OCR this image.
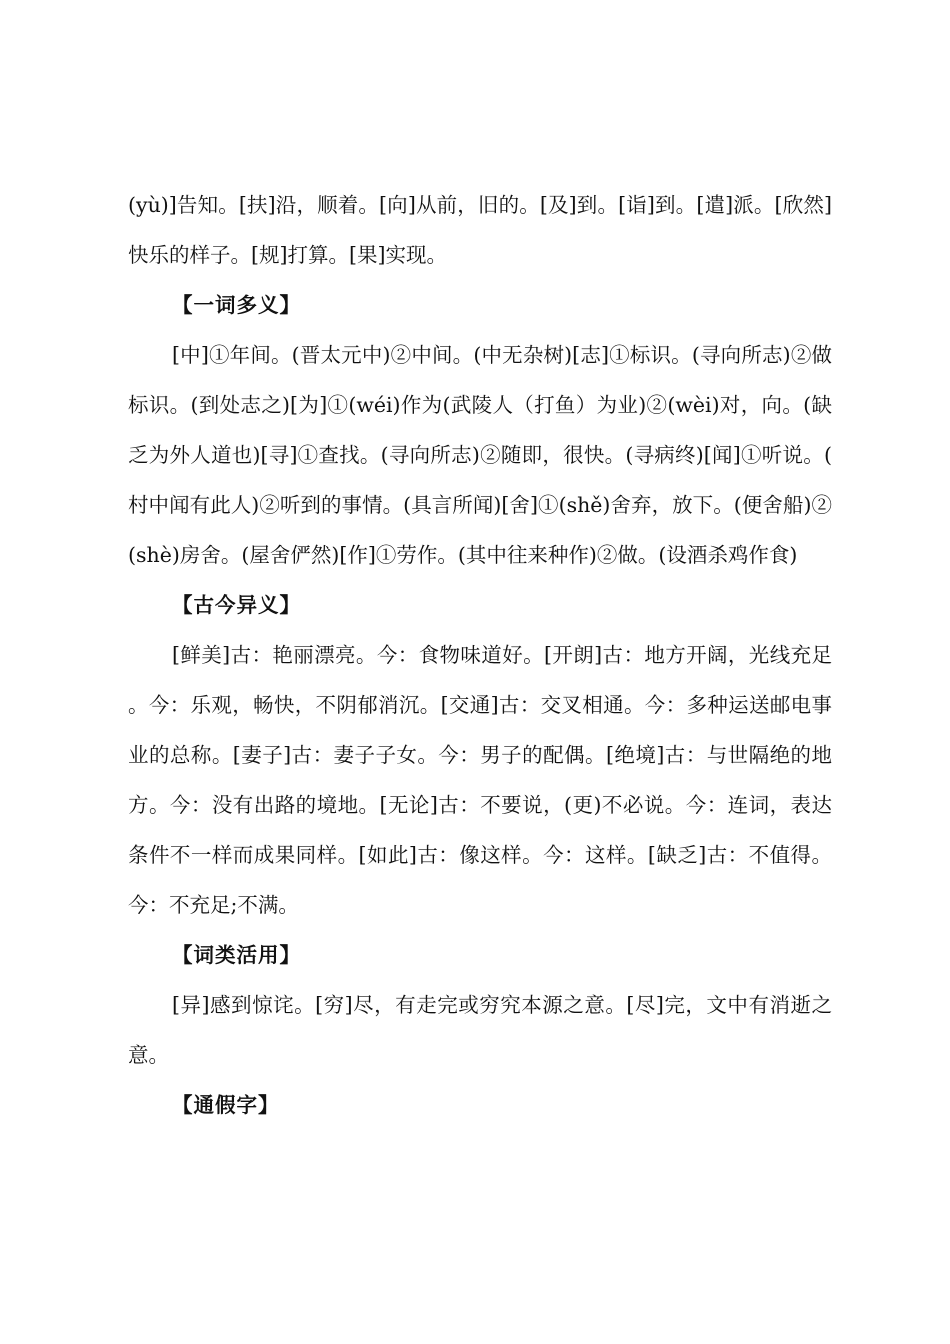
(yù)]告知。[扶]沿，顺着。[向]从前，旧的。[及]到。[诣]到。[遣]派。[欣然]快乐的样子。[规]打算。[果]实现。

【一词多义】

[中]①年间。(晋太元中)②中间。(中无杂树)[志]①标识。(寻向所志)②做标识。(到处志之)[为]①(wéi)作为(武陵人（打鱼）为业)②(wèi)对，向。(缺乏为外人道也)[寻]①查找。(寻向所志)②随即，很快。(寻病终)[闻]①听说。(村中闻有此人)②听到的事情。(具言所闻)[舍]①(shě)舍弃，放下。(便舍船)②(shè)房舍。(屋舍俨然)[作]①劳作。(其中往来种作)②做。(设酒杀鸡作食)

【古今异义】

[鲜美]古：艳丽漂亮。今：食物味道好。[开朗]古：地方开阔，光线充足。今：乐观，畅快，不阴郁消沉。[交通]古：交叉相通。今：多种运送邮电事业的总称。[妻子]古：妻子子女。今：男子的配偶。[绝境]古：与世隔绝的地方。今：没有出路的境地。[无论]古：不要说，(更)不必说。今：连词，表达条件不一样而成果同样。[如此]古：像这样。今：这样。[缺乏]古：不值得。今：不充足;不满。

【词类活用】

[异]感到惊诧。[穷]尽，有走完或穷究本源之意。[尽]完，文中有消逝之意。

【通假字】
